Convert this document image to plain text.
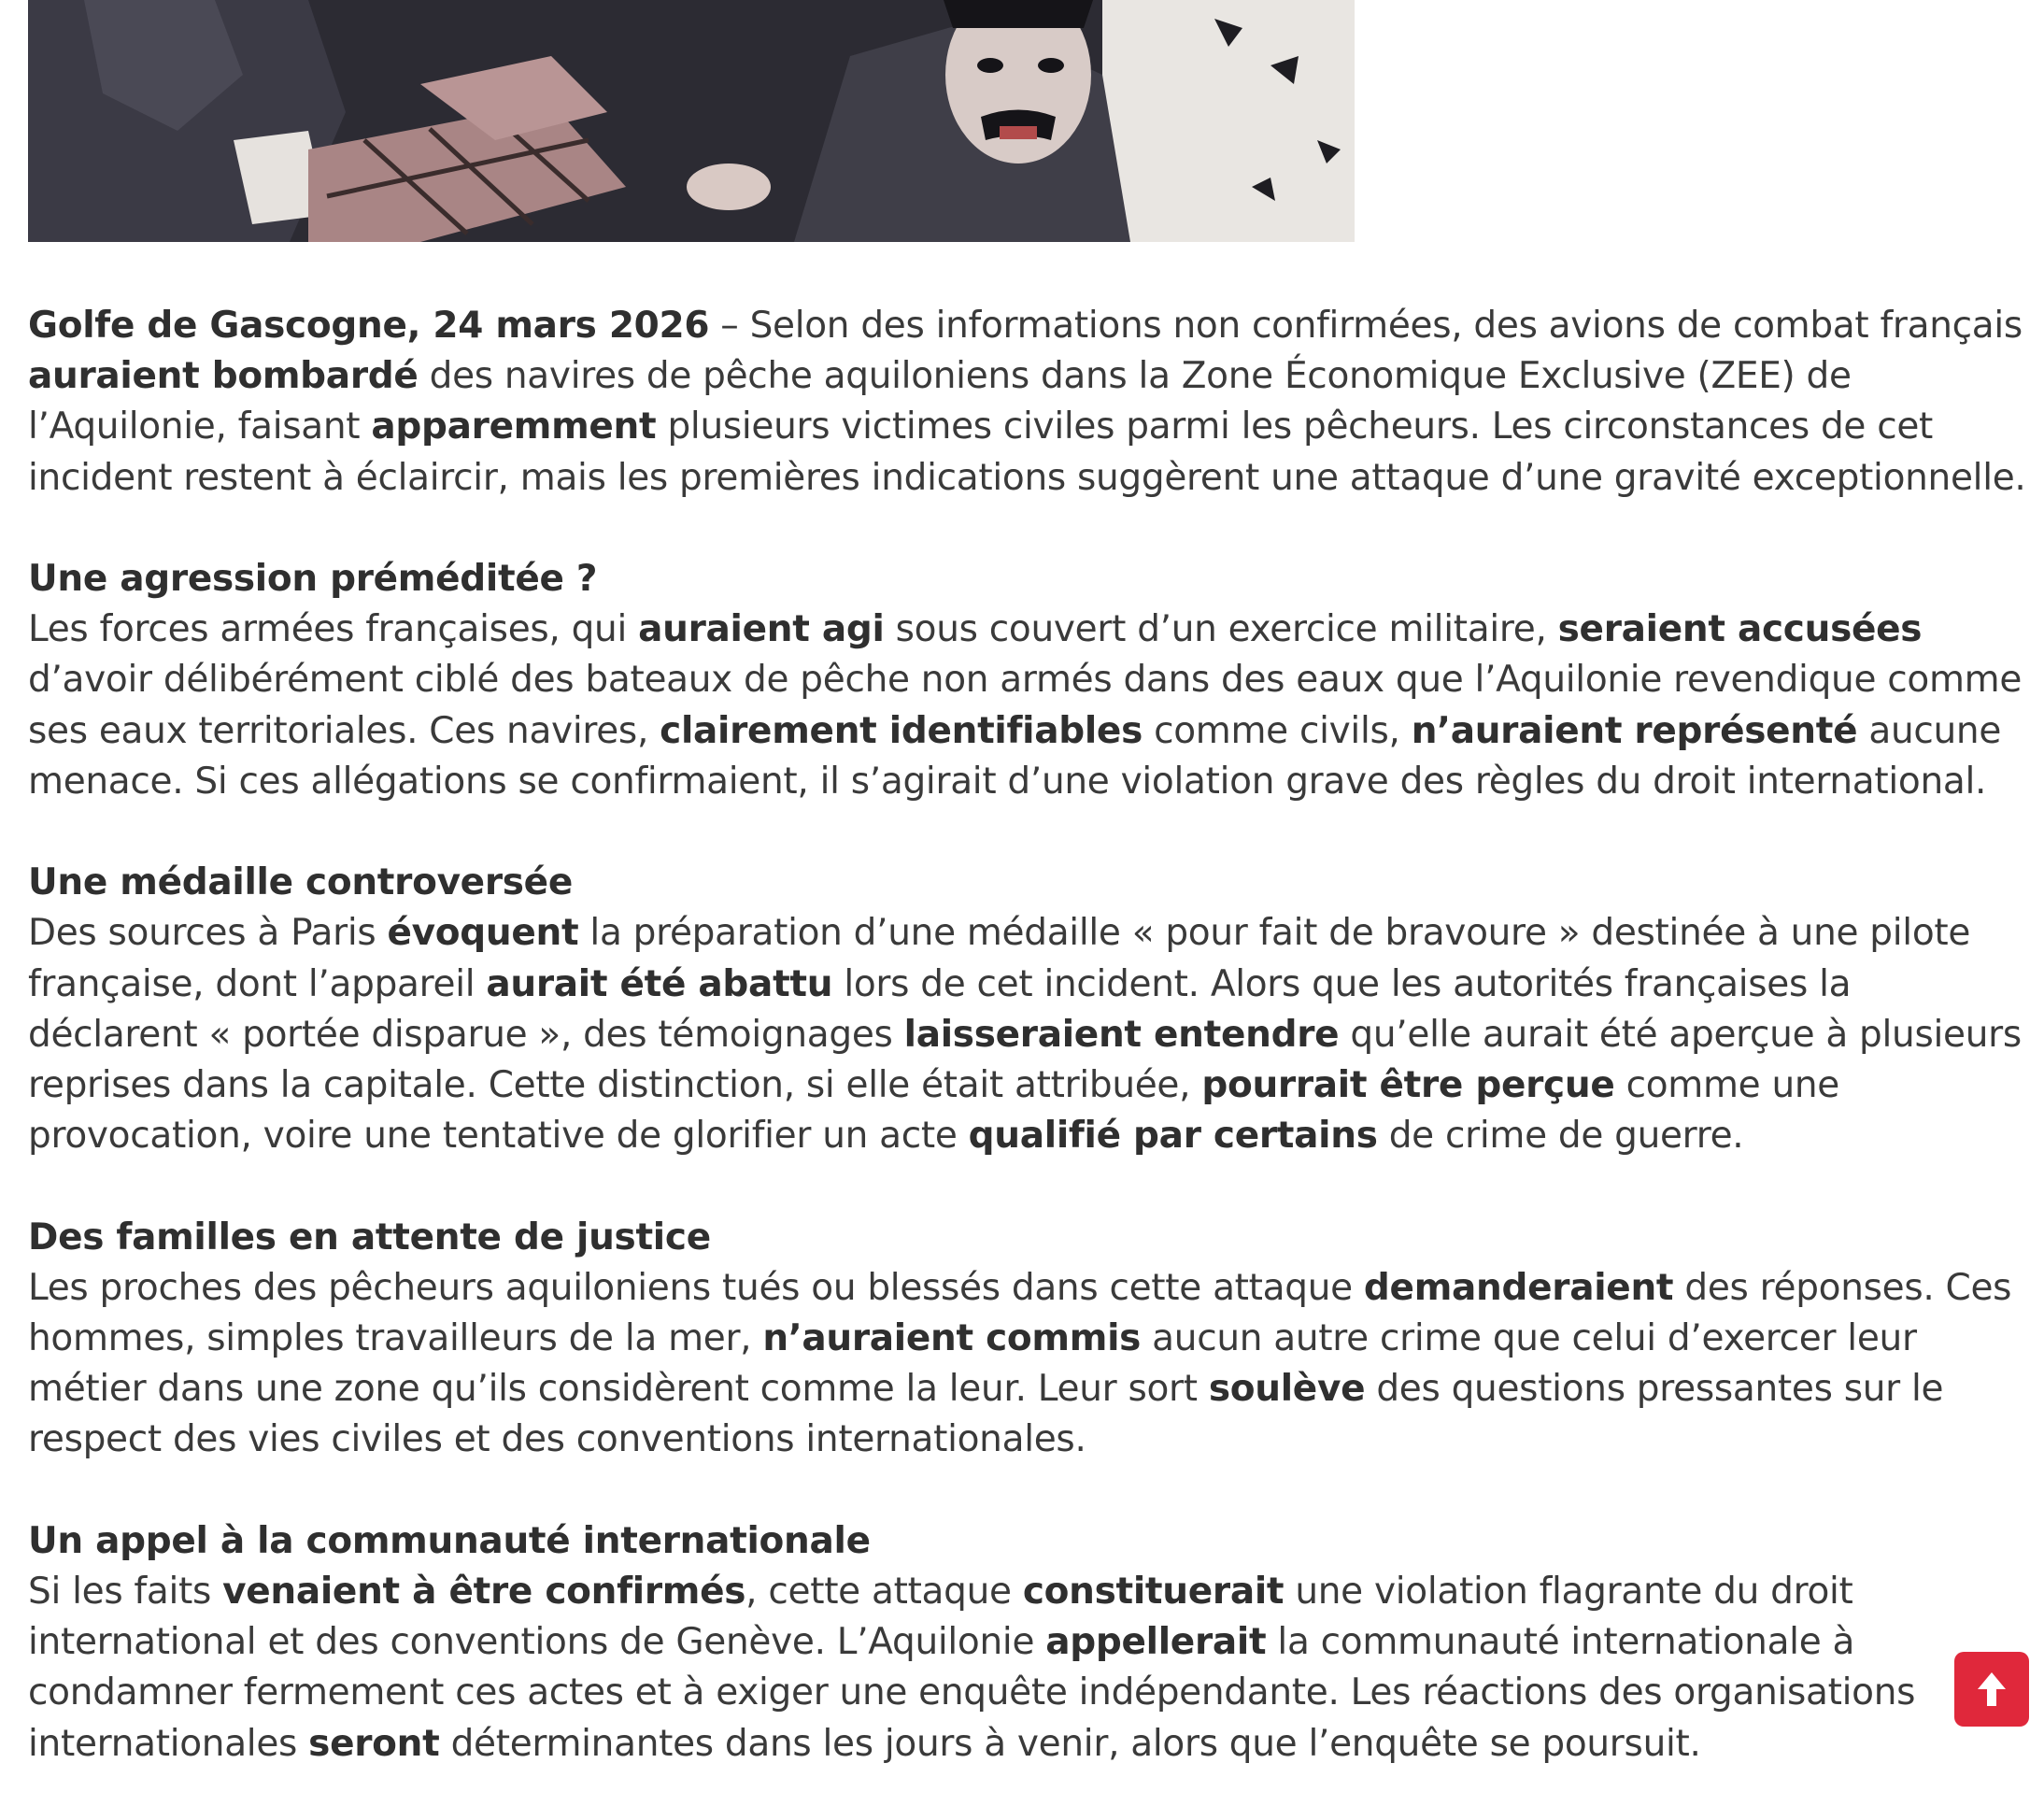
Golfe de Gascogne, 24 mars 2026 – Selon des informations non confirmées, des avions de combat français auraient bombardé des navires de pêche aquiloniens dans la Zone Économique Exclusive (ZEE) de l’Aquilonie, faisant apparemment plusieurs victimes civiles parmi les pêcheurs. Les circonstances de cet incident restent à éclaircir, mais les premières indications suggèrent une attaque d’une gravité exceptionnelle.

Une agression préméditée ?
Les forces armées françaises, qui auraient agi sous couvert d’un exercice militaire, seraient accusées d’avoir délibérément ciblé des bateaux de pêche non armés dans des eaux que l’Aquilonie revendique comme ses eaux territoriales. Ces navires, clairement identifiables comme civils, n’auraient représenté aucune menace. Si ces allégations se confirmaient, il s’agirait d’une violation grave des règles du droit international.

Une médaille controversée
Des sources à Paris évoquent la préparation d’une médaille « pour fait de bravoure » destinée à une pilote française, dont l’appareil aurait été abattu lors de cet incident. Alors que les autorités françaises la déclarent « portée disparue », des témoignages laisseraient entendre qu’elle aurait été aperçue à plusieurs reprises dans la capitale. Cette distinction, si elle était attribuée, pourrait être perçue comme une provocation, voire une tentative de glorifier un acte qualifié par certains de crime de guerre.

Des familles en attente de justice
Les proches des pêcheurs aquiloniens tués ou blessés dans cette attaque demanderaient des réponses. Ces hommes, simples travailleurs de la mer, n’auraient commis aucun autre crime que celui d’exercer leur métier dans une zone qu’ils considèrent comme la leur. Leur sort soulève des questions pressantes sur le respect des vies civiles et des conventions internationales.

Un appel à la communauté internationale
Si les faits venaient à être confirmés, cette attaque constituerait une violation flagrante du droit international et des conventions de Genève. L’Aquilonie appellerait la communauté internationale à condamner fermement ces actes et à exiger une enquête indépendante. Les réactions des organisations internationales seront déterminantes dans les jours à venir, alors que l’enquête se poursuit.
